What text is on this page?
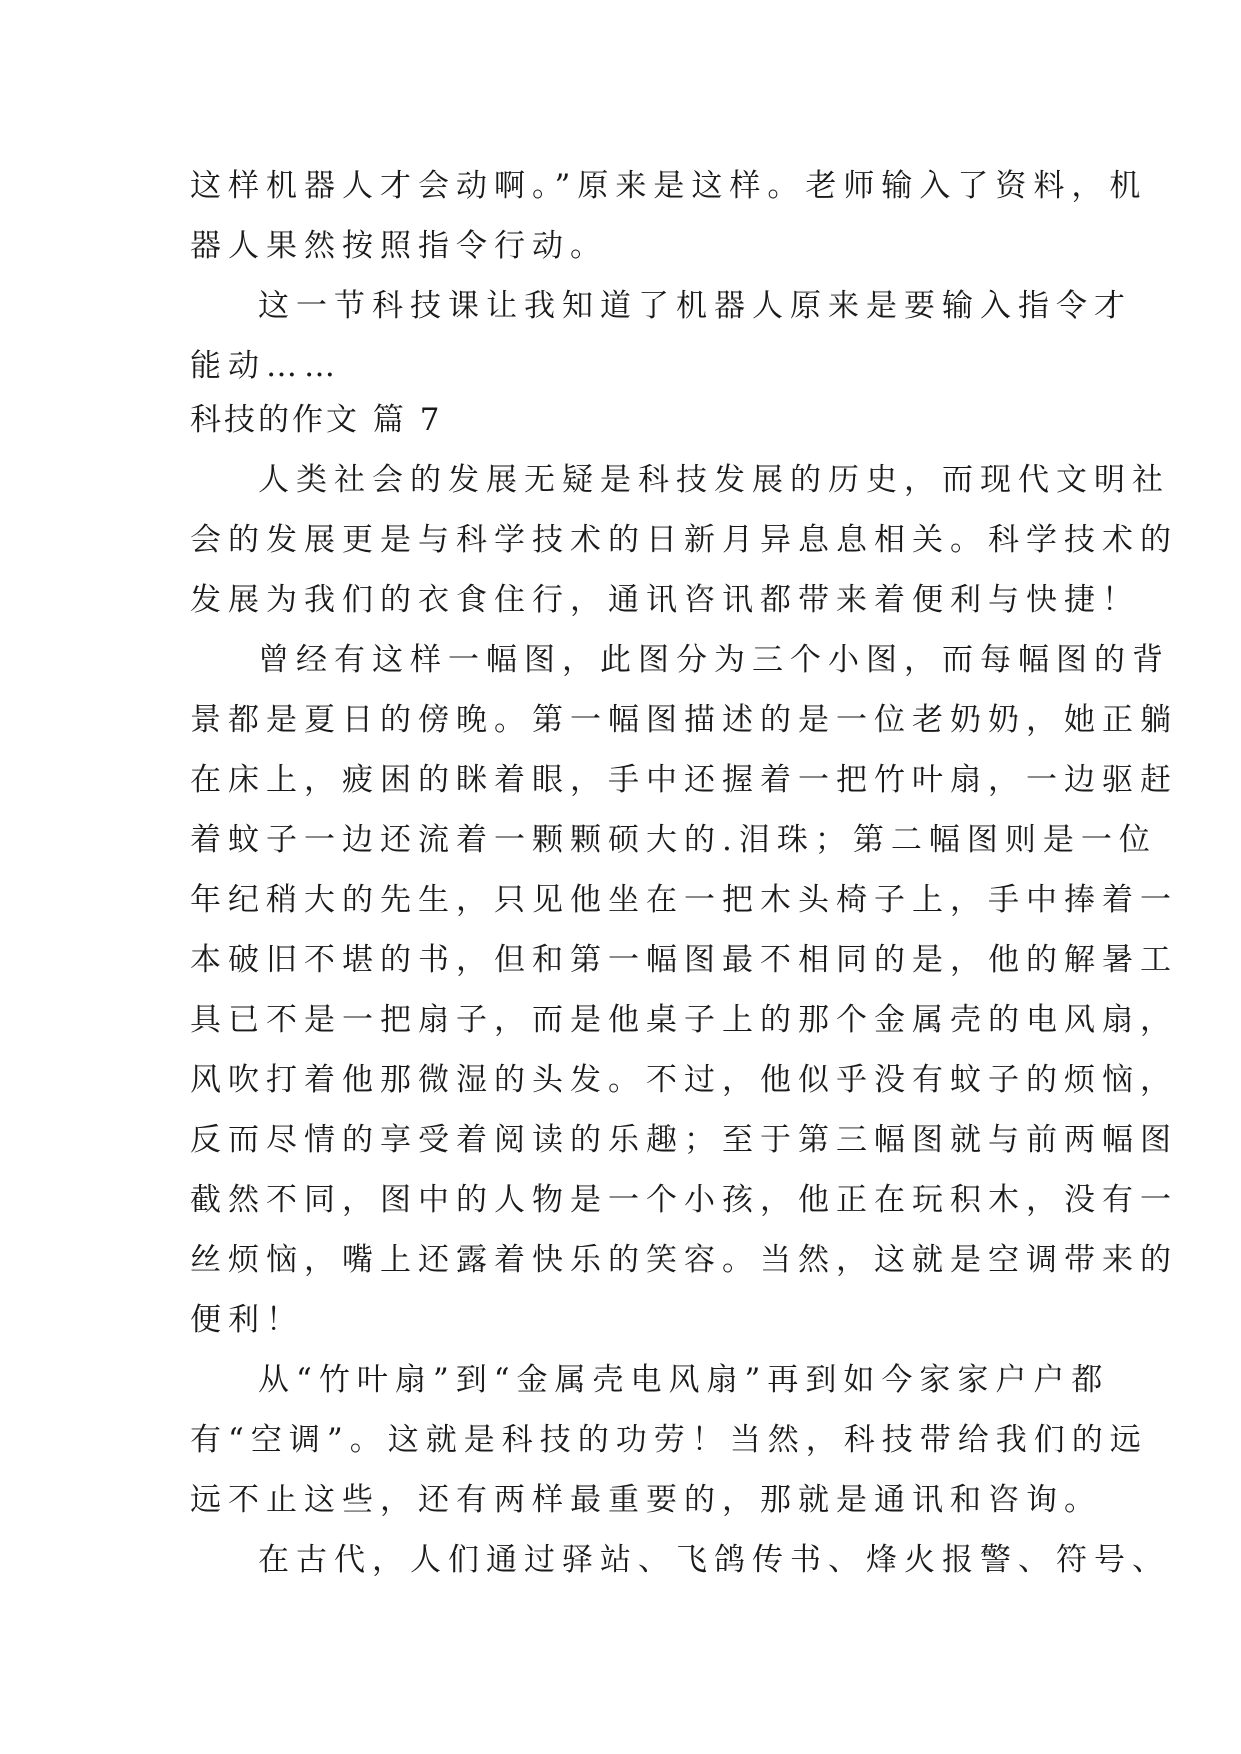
这样机器人才会动啊。”原来是这样。老师输入了资料，机
器人果然按照指令行动。
这一节科技课让我知道了机器人原来是要输入指令才
能动……
科技的作文 篇 7
人类社会的发展无疑是科技发展的历史，而现代文明社
会的发展更是与科学技术的日新月异息息相关。科学技术的
发展为我们的衣食住行，通讯咨讯都带来着便利与快捷！
曾经有这样一幅图，此图分为三个小图，而每幅图的背
景都是夏日的傍晚。第一幅图描述的是一位老奶奶，她正躺
在床上，疲困的眯着眼，手中还握着一把竹叶扇，一边驱赶
着蚊子一边还流着一颗颗硕大的.泪珠；第二幅图则是一位
年纪稍大的先生，只见他坐在一把木头椅子上，手中捧着一
本破旧不堪的书，但和第一幅图最不相同的是，他的解暑工
具已不是一把扇子，而是他桌子上的那个金属壳的电风扇，
风吹打着他那微湿的头发。不过，他似乎没有蚊子的烦恼，
反而尽情的享受着阅读的乐趣；至于第三幅图就与前两幅图
截然不同，图中的人物是一个小孩，他正在玩积木，没有一
丝烦恼，嘴上还露着快乐的笑容。当然，这就是空调带来的
便利！
从“竹叶扇”到“金属壳电风扇”再到如今家家户户都
有“空调”。这就是科技的功劳！当然，科技带给我们的远
远不止这些，还有两样最重要的，那就是通讯和咨询。
在古代，人们通过驿站、飞鸽传书、烽火报警、符号、
